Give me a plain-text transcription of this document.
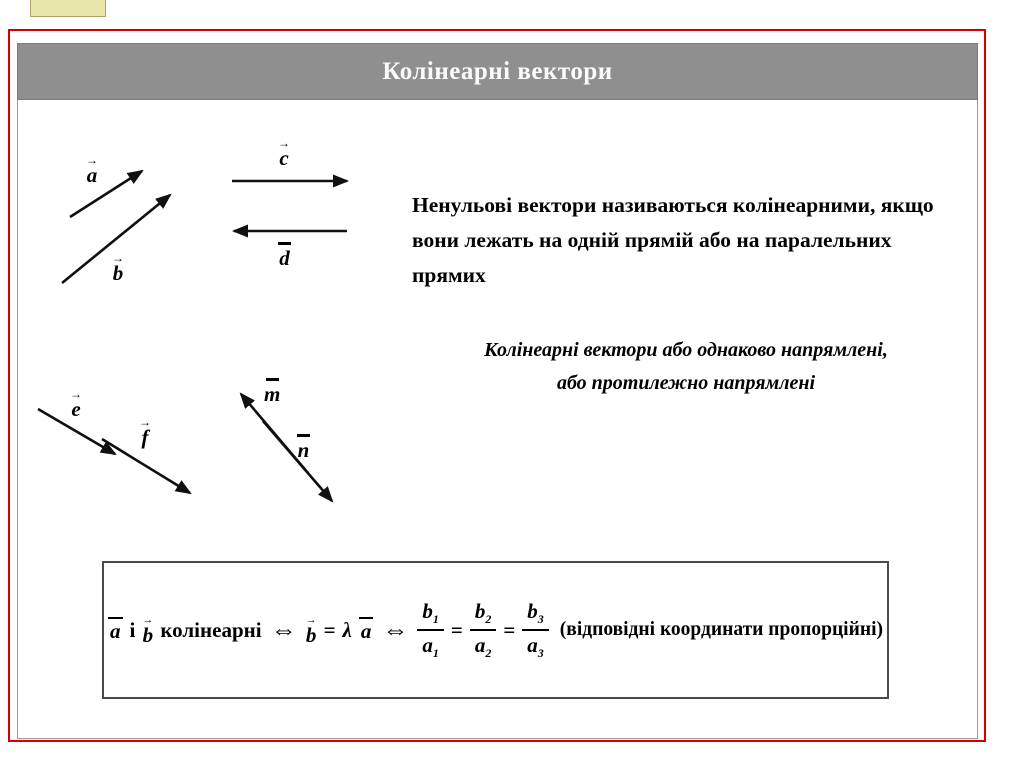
Колінеарні вектори
→
a
→
b
→
c
d
→
e
→
f
m
n
Ненульові вектори називаються колінеарними, якщо вони лежать на одній прямій або на паралельних прямих
Колінеарні вектори або однаково напрямлені,
або протилежно напрямлені
a і →
b колінеарні ⇔ →
b = λ a ⇔ $\frac{b_1}{a_1} = \frac{b_2}{a_2} = \frac{b_3}{a_3}$ (відповідні координати пропорційні)
